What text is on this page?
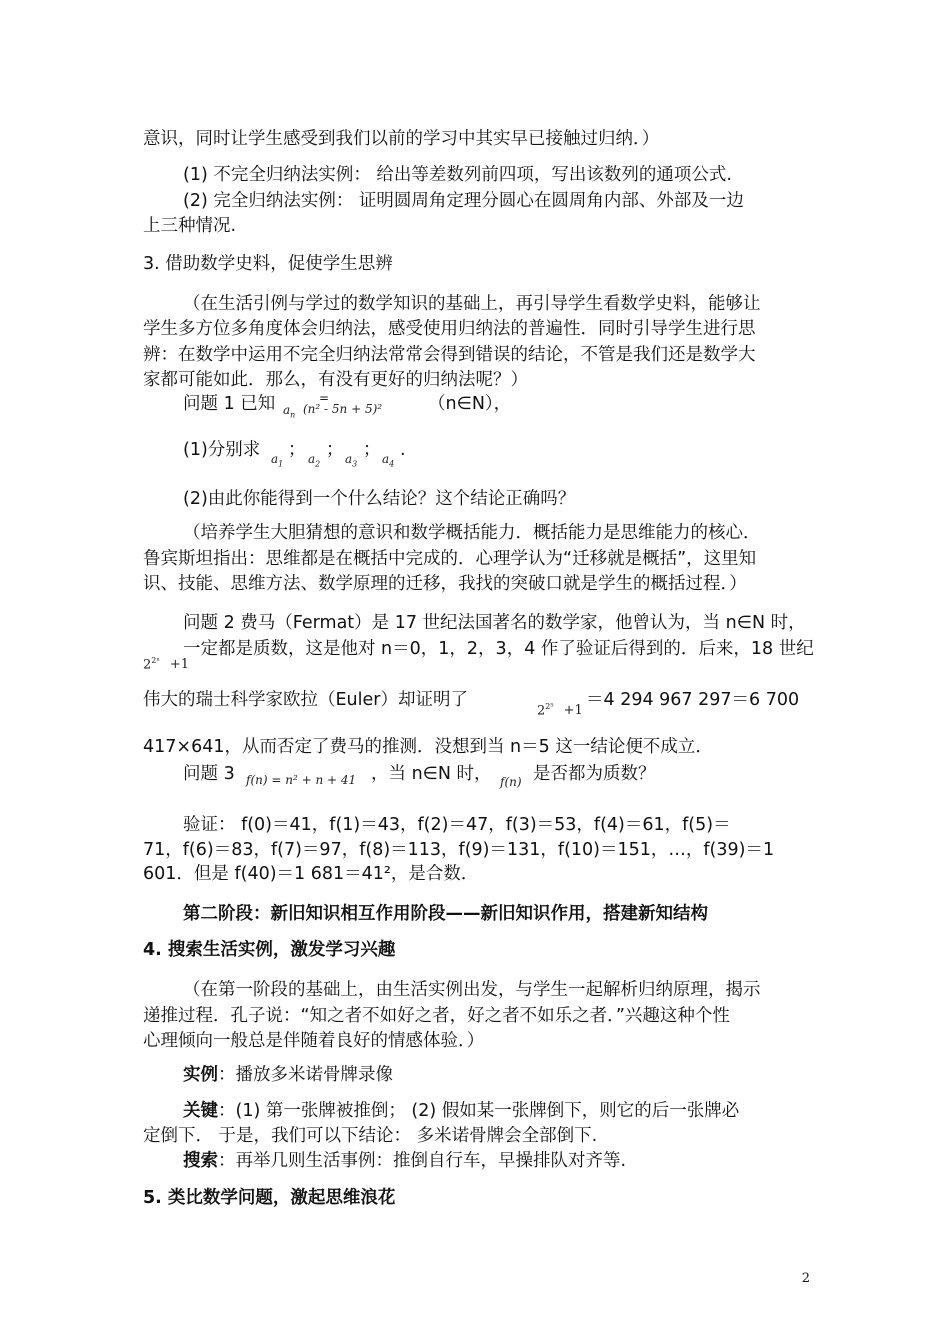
意识，同时让学生感受到我们以前的学习中其实早已接触过归纳．）
(1) 不完全归纳法实例： 给出等差数列前四项，写出该数列的通项公式.
(2) 完全归纳法实例： 证明圆周角定理分圆心在圆周角内部、外部及一边
上三种情况.
3. 借助数学史料，促使学生思辨
（在生活引例与学过的数学知识的基础上，再引导学生看数学史料，能够让
学生多方位多角度体会归纳法，感受使用归纳法的普遍性．同时引导学生进行思
辨：在数学中运用不完全归纳法常常会得到错误的结论，不管是我们还是数学大
家都可能如此．那么，有没有更好的归纳法呢？）
问题 1 已知 $a_n$
=
(n² - 5n + 5)²	（n∈N），
(1)分别求 $a_1$
； $a_2$
； $a_3$
； $a_4$
.
(2)由此你能得到一个什么结论？这个结论正确吗？
（培养学生大胆猜想的意识和数学概括能力．概括能力是思维能力的核心．
鲁宾斯坦指出：思维都是在概括中完成的．心理学认为“迁移就是概括”，这里知
识、技能、思维方法、数学原理的迁移，我找的突破口就是学生的概括过程．）
问题 2 费马（Fermat）是 17 世纪法国著名的数学家，他曾认为，当 n∈N 时，
$2^{2^n} +1$
一定都是质数，这是他对 n＝0，1，2，3，4 作了验证后得到的．后来，18 世纪
伟大的瑞士科学家欧拉（Euler）却证明了
$2^{2^5} +1$
＝4 294 967 297＝6 700
417×641，从而否定了费马的推测．没想到当 n＝5 这一结论便不成立．
问题 3 f(n) = n² + n + 41 ，当 n∈N 时， f(n) 是否都为质数？
验证： f(0)＝41，f(1)＝43，f(2)＝47，f(3)＝53，f(4)＝61，f(5)＝
71，f(6)＝83，f(7)＝97，f(8)＝113，f(9)＝131，f(10)＝151，…，f(39)＝1
601．但是 f(40)＝1 681＝41²，是合数．
第二阶段：新旧知识相互作用阶段——新旧知识作用，搭建新知结构
4. 搜索生活实例，激发学习兴趣
（在第一阶段的基础上，由生活实例出发，与学生一起解析归纳原理，揭示
递推过程．孔子说：“知之者不如好之者，好之者不如乐之者．”兴趣这种个性
心理倾向一般总是伴随着良好的情感体验．）
实例：播放多米诺骨牌录像
关键：(1) 第一张牌被推倒； (2) 假如某一张牌倒下，则它的后一张牌必
定倒下． 于是，我们可以下结论： 多米诺骨牌会全部倒下.
搜索：再举几则生活事例：推倒自行车，早操排队对齐等.
5. 类比数学问题，激起思维浪花
2
